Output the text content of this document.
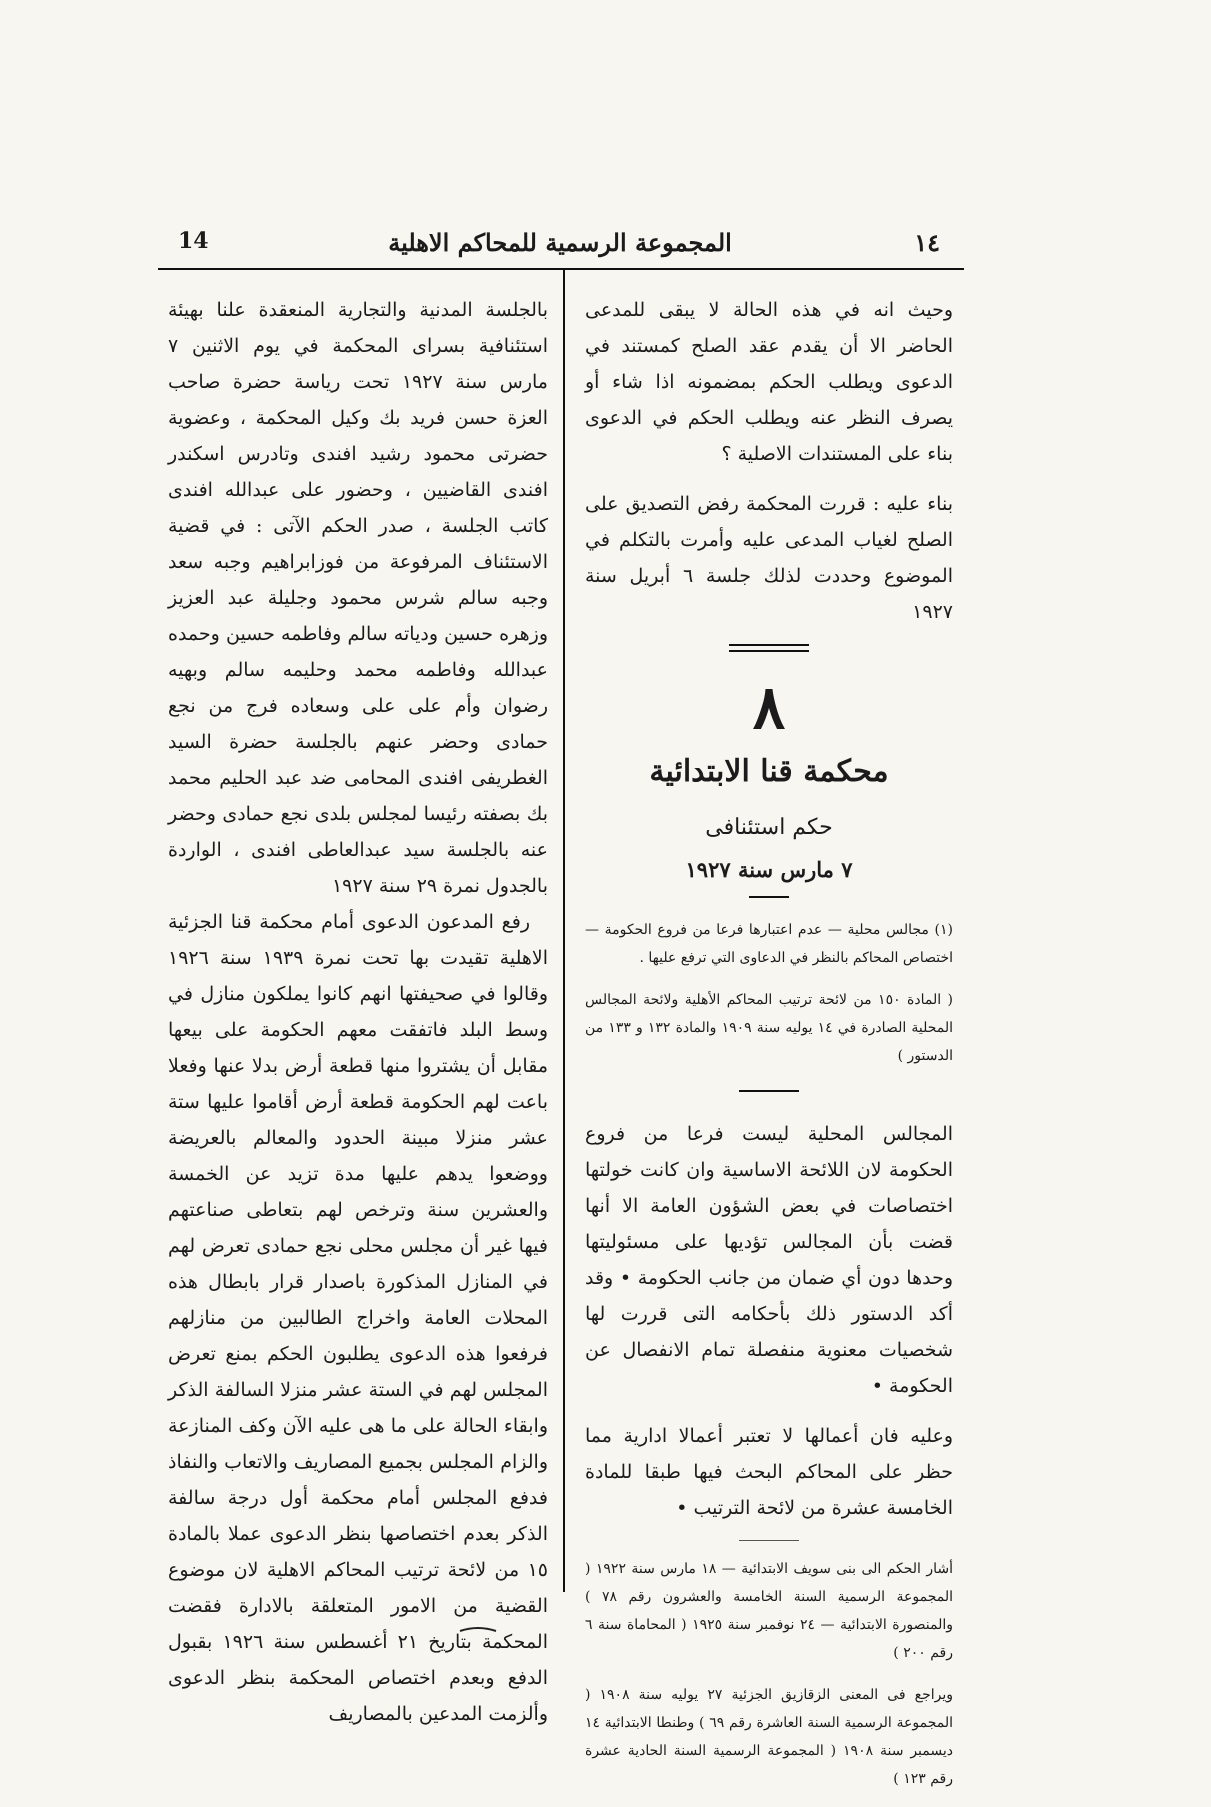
14	المجموعة الرسمية للمحاكم الاهلية	١٤

وحيث انه في هذه الحالة لا يبقى للمدعى الحاضر الا أن يقدم عقد الصلح كمستند في الدعوى ويطلب الحكم بمضمونه اذا شاء أو يصرف النظر عنه ويطلب الحكم في الدعوى بناء على المستندات الاصلية ؟

بناء عليه : قررت المحكمة رفض التصديق على الصلح لغياب المدعى عليه وأمرت بالتكلم في الموضوع وحددت لذلك جلسة ٦ أبريل سنة ١٩٢٧

٨
محكمة قنا الابتدائية
حكم استئنافى
٧ مارس سنة ١٩٢٧

(١) مجالس محلية — عدم اعتبارها فرعا من فروع الحكومة — اختصاص المحاكم بالنظر في الدعاوى التي ترفع عليها .

( المادة ١٥٠ من لائحة ترتيب المحاكم الأهلية ولائحة المجالس المحلية الصادرة في ١٤ يوليه سنة ١٩٠٩ والمادة ١٣٢ و ١٣٣ من الدستور )

المجالس المحلية ليست فرعا من فروع الحكومة لان اللائحة الاساسية وان كانت خولتها اختصاصات في بعض الشؤون العامة الا أنها قضت بأن المجالس تؤديها على مسئوليتها وحدها دون أي ضمان من جانب الحكومة • وقد أكد الدستور ذلك بأحكامه التى قررت لها شخصيات معنوية منفصلة تمام الانفصال عن الحكومة •

وعليه فان أعمالها لا تعتبر أعمالا ادارية مما حظر على المحاكم البحث فيها طبقا للمادة الخامسة عشرة من لائحة الترتيب •

أشار الحكم الى بنى سويف الابتدائية — ١٨ مارس سنة ١٩٢٢ ( المجموعة الرسمية السنة الخامسة والعشرون رقم ٧٨ ) والمنصورة الابتدائية — ٢٤ نوفمبر سنة ١٩٢٥ ( المحاماة سنة ٦ رقم ٢٠٠ )

ويراجع فى المعنى الزقازيق الجزئية ٢٧ يوليه سنة ١٩٠٨ ( المجموعة الرسمية السنة العاشرة رقم ٦٩ ) وطنطا الابتدائية ١٤ ديسمبر سنة ١٩٠٨ ( المجموعة الرسمية السنة الحادية عشرة رقم ١٢٣ )

بالجلسة المدنية والتجارية المنعقدة علنا بهيئة استئنافية بسراى المحكمة في يوم الاثنين ٧ مارس سنة ١٩٢٧ تحت رياسة حضرة صاحب العزة حسن فريد بك وكيل المحكمة ، وعضوية حضرتى محمود رشيد افندى وتادرس اسكندر افندى القاضيين ، وحضور على عبدالله افندى كاتب الجلسة ، صدر الحكم الآتى : في قضية الاستئناف المرفوعة من فوزابراهيم وجبه سعد وجبه سالم شرس محمود وجليلة عبد العزيز وزهره حسين ودياته سالم وفاطمه حسين وحمده عبدالله وفاطمه محمد وحليمه سالم وبهيه رضوان وأم على على وسعاده فرج من نجع حمادى وحضر عنهم بالجلسة حضرة السيد الغطريفى افندى المحامى ضد عبد الحليم محمد بك بصفته رئيسا لمجلس بلدى نجع حمادى وحضر عنه بالجلسة سيد عبدالعاطى افندى ، الواردة بالجدول نمرة ٢٩ سنة ١٩٢٧

رفع المدعون الدعوى أمام محكمة قنا الجزئية الاهلية تقيدت بها تحت نمرة ١٩٣٩ سنة ١٩٢٦ وقالوا في صحيفتها انهم كانوا يملكون منازل في وسط البلد فاتفقت معهم الحكومة على بيعها مقابل أن يشتروا منها قطعة أرض بدلا عنها وفعلا باعت لهم الحكومة قطعة أرض أقاموا عليها ستة عشر منزلا مبينة الحدود والمعالم بالعريضة ووضعوا يدهم عليها مدة تزيد عن الخمسة والعشرين سنة وترخص لهم بتعاطى صناعتهم فيها غير أن مجلس محلى نجع حمادى تعرض لهم في المنازل المذكورة باصدار قرار بابطال هذه المحلات العامة واخراج الطالبين من منازلهم فرفعوا هذه الدعوى يطلبون الحكم بمنع تعرض المجلس لهم في الستة عشر منزلا السالفة الذكر وابقاء الحالة على ما هى عليه الآن وكف المنازعة والزام المجلس بجميع المصاريف والاتعاب والنفاذ فدفع المجلس أمام محكمة أول درجة سالفة الذكر بعدم اختصاصها بنظر الدعوى عملا بالمادة ١٥ من لائحة ترتيب المحاكم الاهلية لان موضوع القضية من الامور المتعلقة بالادارة فقضت المحكمة بتاريخ ٢١ أغسطس سنة ١٩٢٦ بقبول الدفع وبعدم اختصاص المحكمة بنظر الدعوى وألزمت المدعين بالمصاريف
